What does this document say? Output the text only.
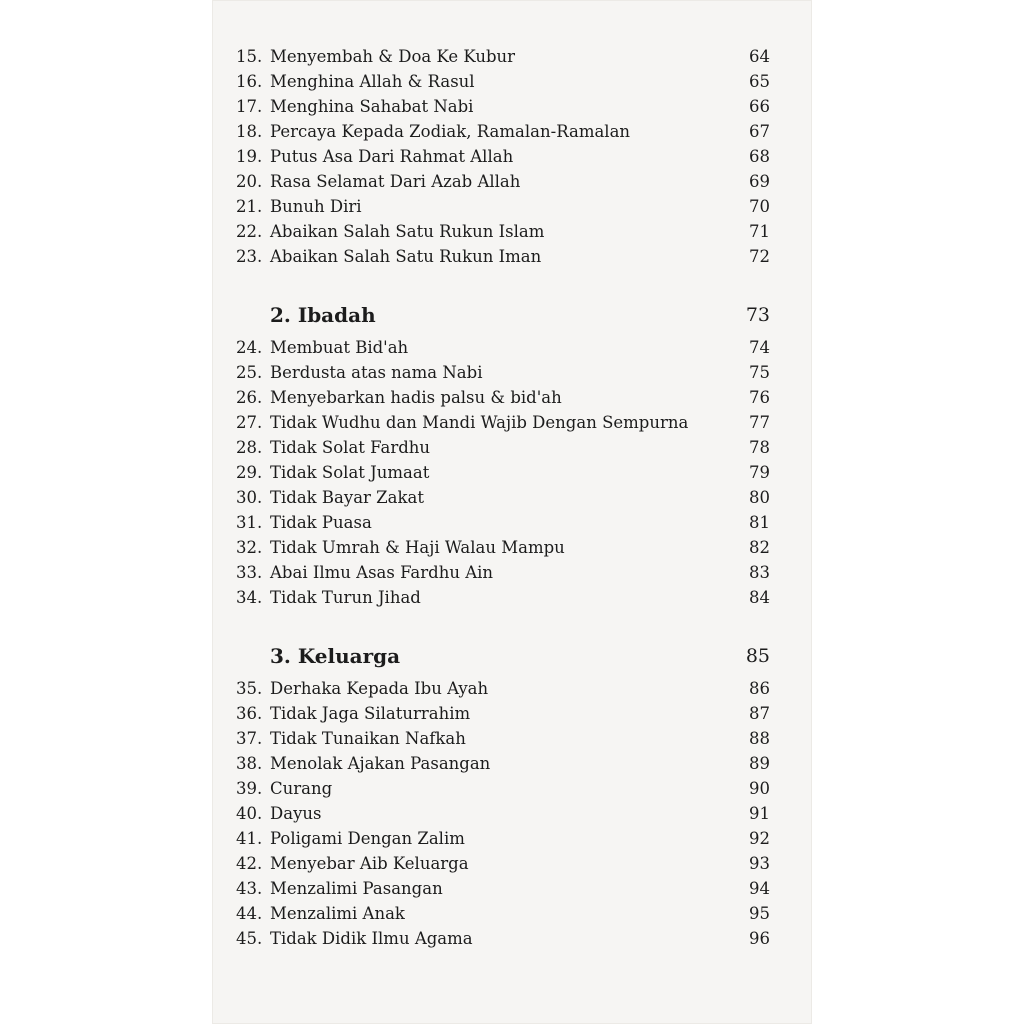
15. Menyembah & Doa Ke Kubur	64
16. Menghina Allah & Rasul	65
17. Menghina Sahabat Nabi	66
18. Percaya Kepada Zodiak, Ramalan-Ramalan	67
19. Putus Asa Dari Rahmat Allah	68
20. Rasa Selamat Dari Azab Allah	69
21. Bunuh Diri	70
22. Abaikan Salah Satu Rukun Islam	71
23. Abaikan Salah Satu Rukun Iman	72
2. Ibadah	73
24. Membuat Bid'ah	74
25. Berdusta atas nama Nabi	75
26. Menyebarkan hadis palsu & bid'ah	76
27. Tidak Wudhu dan Mandi Wajib Dengan Sempurna	77
28. Tidak Solat Fardhu	78
29. Tidak Solat Jumaat	79
30. Tidak Bayar Zakat	80
31. Tidak Puasa	81
32. Tidak Umrah & Haji Walau Mampu	82
33. Abai Ilmu Asas Fardhu Ain	83
34. Tidak Turun Jihad	84
3. Keluarga	85
35. Derhaka Kepada Ibu Ayah	86
36. Tidak Jaga Silaturrahim	87
37. Tidak Tunaikan Nafkah	88
38. Menolak Ajakan Pasangan	89
39. Curang	90
40. Dayus	91
41. Poligami Dengan Zalim	92
42. Menyebar Aib Keluarga	93
43. Menzalimi Pasangan	94
44. Menzalimi Anak	95
45. Tidak Didik Ilmu Agama	96
